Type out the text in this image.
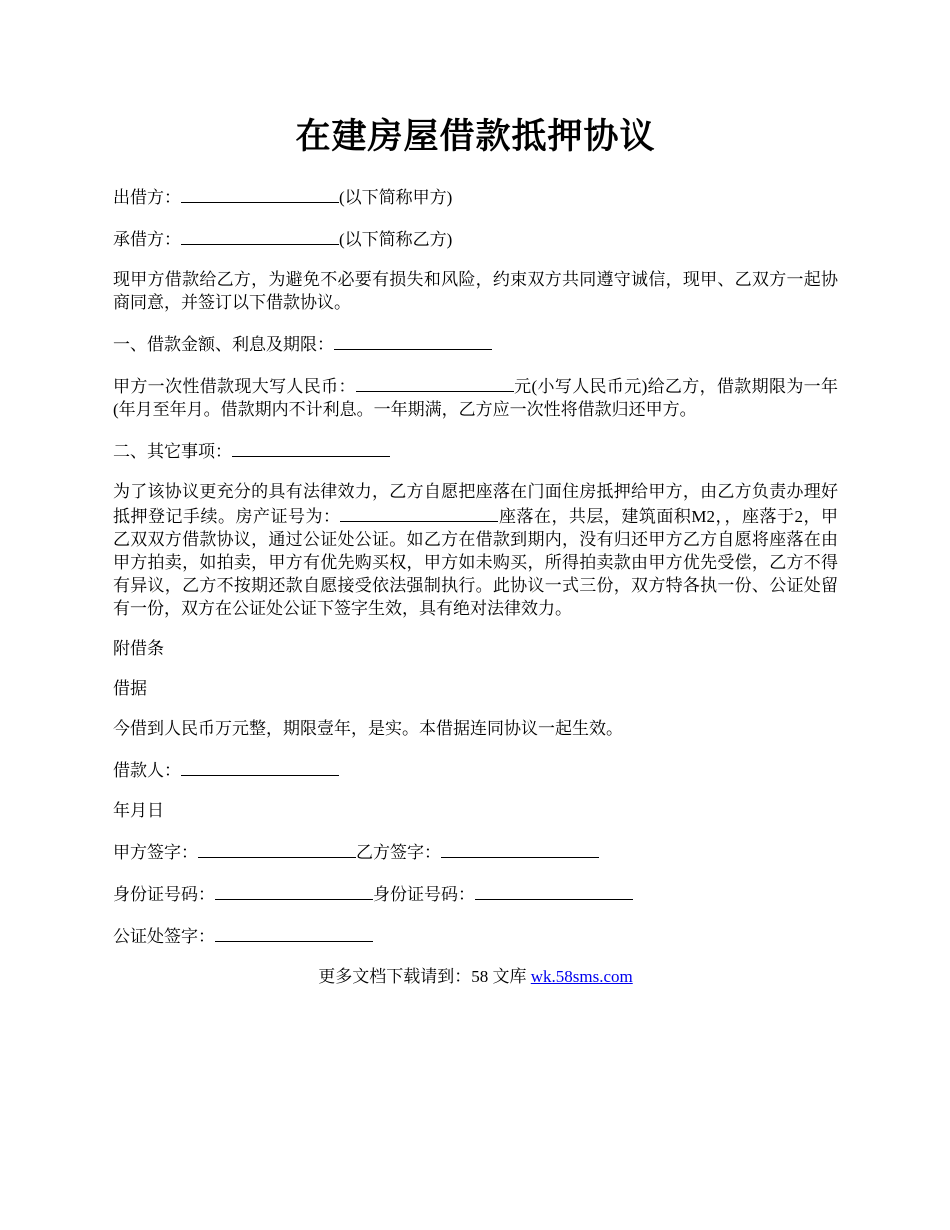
在建房屋借款抵押协议

出借方：	(以下简称甲方)

承借方：	(以下简称乙方)

现甲方借款给乙方，为避免不必要有损失和风险，约束双方共同遵守诚信，现甲、乙双方一起协商同意，并签订以下借款协议。

一、借款金额、利息及期限：

甲方一次性借款现大写人民币：	元(小写人民币元)给乙方，借款期限为一年(年月至年月。借款期内不计利息。一年期满，乙方应一次性将借款归还甲方。

二、其它事项：

为了该协议更充分的具有法律效力，乙方自愿把座落在门面住房抵押给甲方，由乙方负责办理好抵押登记手续。房产证号为：	座落在，共层，建筑面积M2，，座落于2，甲乙双双方借款协议，通过公证处公证。如乙方在借款到期内，没有归还甲方乙方自愿将座落在由甲方拍卖，如拍卖，甲方有优先购买权，甲方如未购买，所得拍卖款由甲方优先受偿，乙方不得有异议，乙方不按期还款自愿接受依法强制执行。此协议一式三份，双方特各执一份、公证处留有一份，双方在公证处公证下签字生效，具有绝对法律效力。

附借条

借据

今借到人民币万元整，期限壹年，是实。本借据连同协议一起生效。

借款人：

年月日

甲方签字：	乙方签字：

身份证号码：	身份证号码：

公证处签字：

更多文档下载请到：58 文库 wk.58sms.com
